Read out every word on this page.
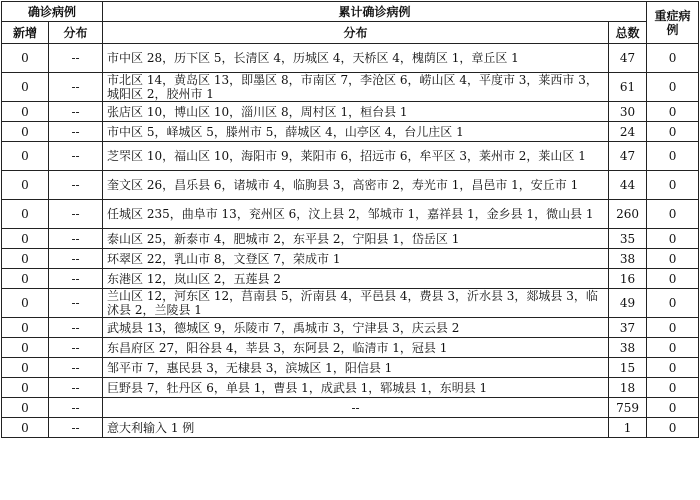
确诊病例		累计确诊病例		重症病例
新增	分布	分布	总数	
0	--	市中区 28，历下区 5，长清区 4，历城区 4，天桥区 4，槐荫区 1，章丘区 1	47	0
0	--	市北区 14，黄岛区 13，即墨区 8，市南区 7，李沧区 6，崂山区 4，平度市 3，莱西市 3，城阳区 2，胶州市 1	61	0
0	--	张店区 10，博山区 10，淄川区 8，周村区 1，桓台县 1	30	0
0	--	市中区 5，峄城区 5，滕州市 5，薛城区 4，山亭区 4，台儿庄区 1	24	0
0	--	芝罘区 10，福山区 10，海阳市 9，莱阳市 6，招远市 6，牟平区 3，莱州市 2，莱山区 1	47	0
0	--	奎文区 26，昌乐县 6，诸城市 4，临朐县 3，高密市 2，寿光市 1，昌邑市 1，安丘市 1	44	0
0	--	任城区 235，曲阜市 13，兖州区 6，汶上县 2，邹城市 1，嘉祥县 1，金乡县 1，微山县 1	260	0
0	--	泰山区 25，新泰市 4，肥城市 2，东平县 2，宁阳县 1，岱岳区 1	35	0
0	--	环翠区 22，乳山市 8，文登区 7，荣成市 1	38	0
0	--	东港区 12，岚山区 2，五莲县 2	16	0
0	--	兰山区 12，河东区 12，莒南县 5，沂南县 4，平邑县 4，费县 3，沂水县 3，郯城县 3，临沭县 2，兰陵县 1	49	0
0	--	武城县 13，德城区 9，乐陵市 7，禹城市 3，宁津县 3，庆云县 2	37	0
0	--	东昌府区 27，阳谷县 4，莘县 3，东阿县 2，临清市 1，冠县 1	38	0
0	--	邹平市 7，惠民县 3，无棣县 3，滨城区 1，阳信县 1	15	0
0	--	巨野县 7，牡丹区 6，单县 1，曹县 1，成武县 1，郓城县 1，东明县 1	18	0
0	--	--	759	0
0	--	意大利输入 1 例	1	0
